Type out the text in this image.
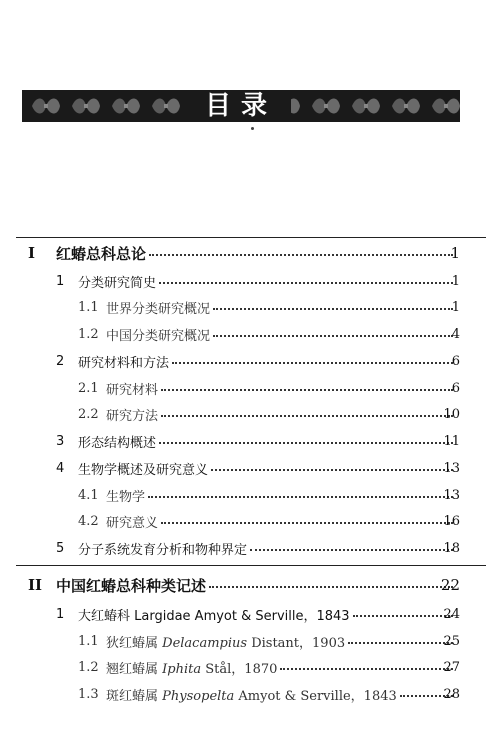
目录
I 红蝽总科总论	1
1 分类研究简史	1
1.1 世界分类研究概况	1
1.2 中国分类研究概况	4
2 研究材料和方法	6
2.1 研究材料	6
2.2 研究方法	10
3 形态结构概述	11
4 生物学概述及研究意义	13
4.1 生物学	13
4.2 研究意义	16
5 分子系统发育分析和物种界定	18
II 中国红蝽总科种类记述	22
1 大红蝽科 Largidae Amyot & Serville，1843	24
1.1 狄红蝽属 Delacampius Distant，1903	25
1.2 翘红蝽属 Iphita Stål，1870	27
1.3 斑红蝽属 Physopelta Amyot & Serville，1843	28
